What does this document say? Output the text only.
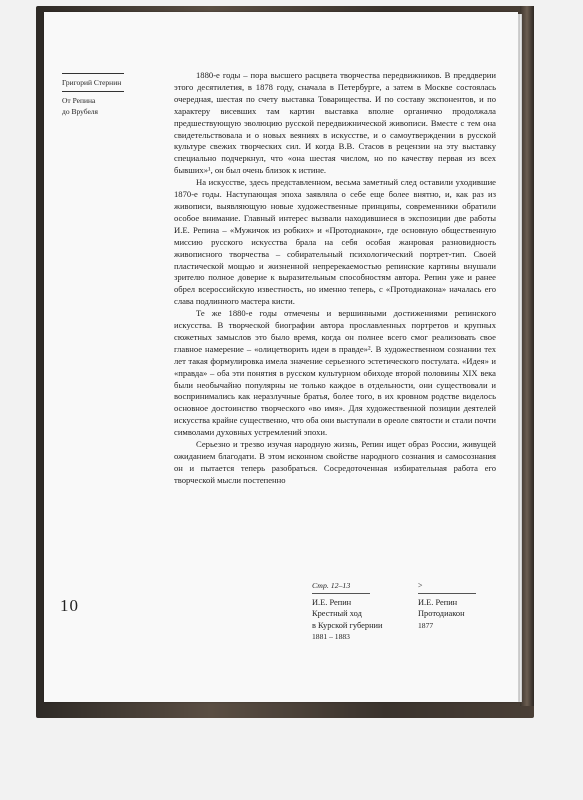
Григорий Стернин
От Репина
до Врубеля

1880-е годы – пора высшего расцвета творчества передвижников. В преддверии этого десятилетия, в 1878 году, сначала в Петербурге, а затем в Москве состоялась очередная, шестая по счету выставка Товарищества. И по составу экспонентов, и по характеру висевших там картин выставка вполне органично продолжала предшествующую эволюцию русской передвижнической живописи. Вместе с тем она свидетельствовала и о новых веяниях в искусстве, и о самоутверждении в русской культуре свежих творческих сил. И когда В.В. Стасов в рецензии на эту выставку специально подчеркнул, что «она шестая числом, но по качеству первая из всех бывших»¹, он был очень близок к истине.

На искусстве, здесь представленном, весьма заметный след оставили уходившие 1870-е годы. Наступающая эпоха заявляла о себе еще более внятно, и, как раз из живописи, выявляющую новые художественные принципы, современники обратили особое внимание. Главный интерес вызвали находившиеся в экспозиции две работы И.Е. Репина – «Мужичок из робких» и «Протодиакон», где основную общественную миссию русского искусства брала на себя особая жанровая разновидность живописного творчества – собирательный психологический портрет-тип. Своей пластической мощью и жизненной непререкаемостью репинские картины внушали зрителю полное доверие к выразительным способностям автора. Репин уже и ранее обрел всероссийскую известность, но именно теперь, с «Протодиакона» началась его слава подлинного мастера кисти.

Те же 1880-е годы отмечены и вершинными достижениями репинского искусства. В творческой биографии автора прославленных портретов и крупных сюжетных замыслов это было время, когда он полнее всего смог реализовать свое главное намерение – «олицетворить идеи в правде»². В художественном сознании тех лет такая формулировка имела значение серьезного эстетического постулата. «Идея» и «правда» – оба эти понятия в русском культурном обиходе второй половины XIX века были необычайно популярны не только каждое в отдельности, они существовали и воспринимались как неразлучные братья, более того, в их кровном родстве виделось основное достоинство творческого «во имя». Для художественной позиции деятелей искусства крайне существенно, что оба они выступали в ореоле святости и стали почти символами духовных устремлений эпохи.

Серьезно и трезво изучая народную жизнь, Репин ищет образ России, живущей ожиданием благодати. В этом исконном свойстве народного сознания и самосознания он и пытается теперь разобраться. Сосредоточенная избирательная работа его творческой мысли постепенно

10
Стр. 12–13
И.Е. Репин
Крестный ход
в Курской губернии
1881 – 1883
>
И.Е. Репин
Протодиакон
1877
